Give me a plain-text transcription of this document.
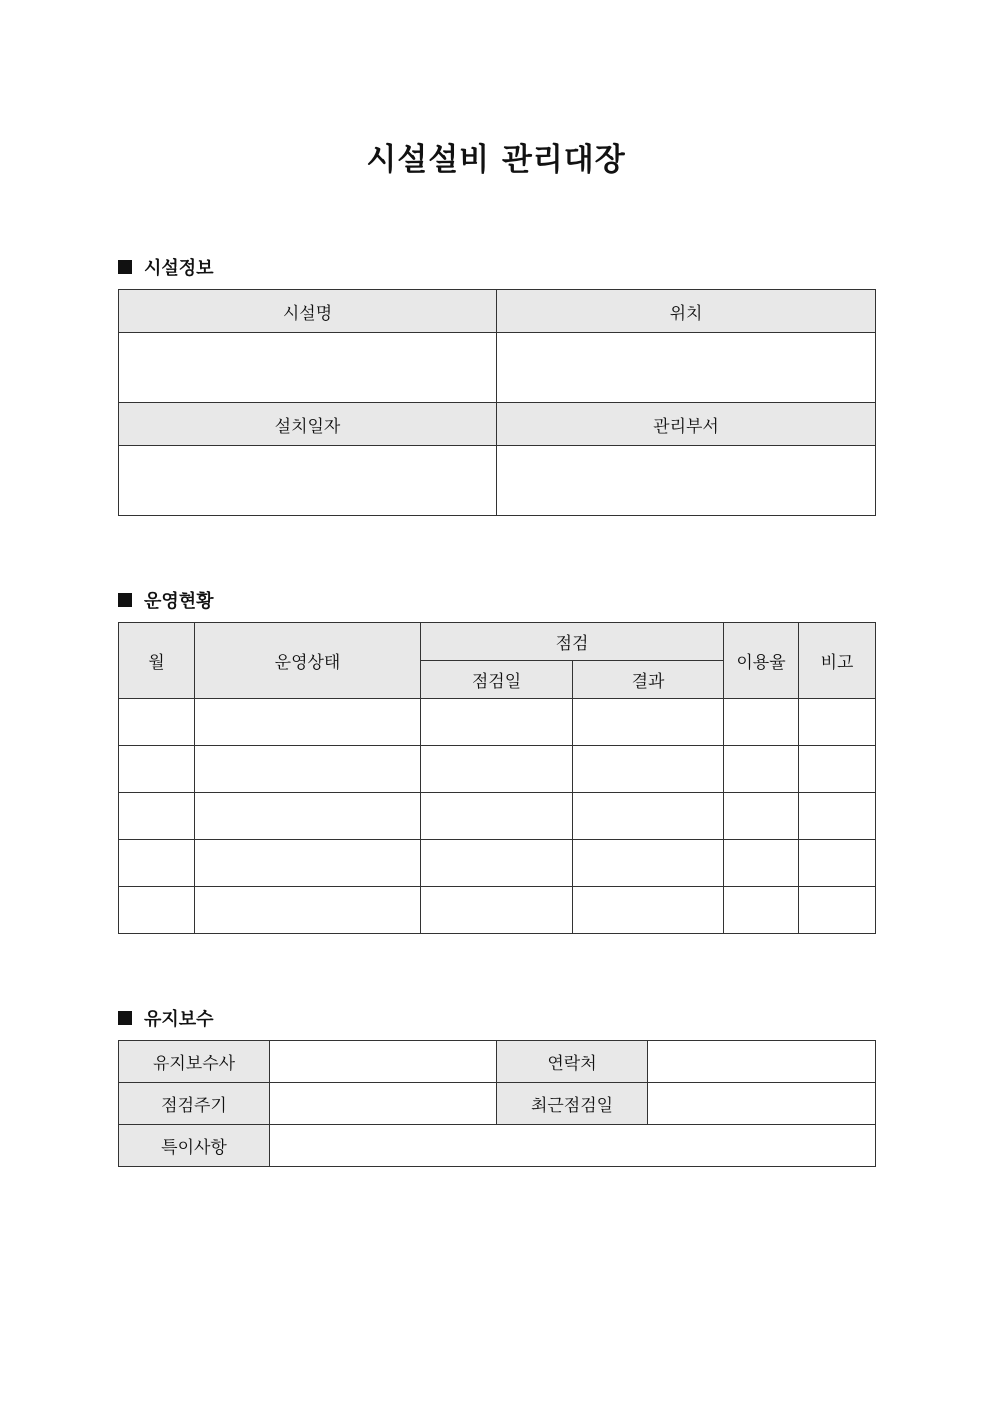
시설설비 관리대장
시설정보
시설명	위치

설치일자	관리부서

운영현황
월	운영상태	점검		이용율	비고
		점검일	결과		

유지보수
유지보수사		연락처	
점검주기		최근점검일	
특이사항			
